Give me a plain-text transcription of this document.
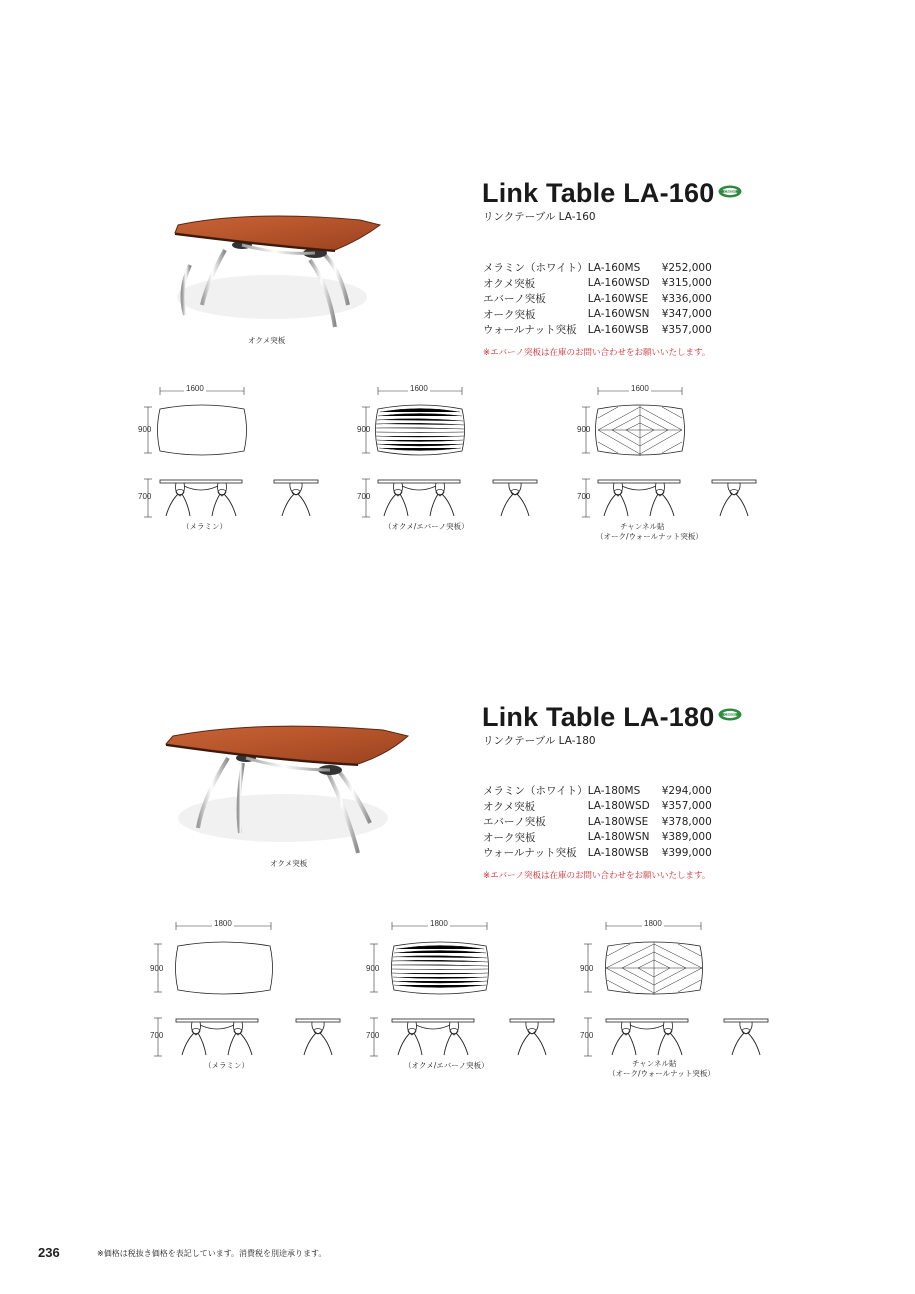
GREEN
オクメ突板
Link Table LA-160
リンクテーブル LA-160
メラミン（ホワイト）	LA-160MS	¥252,000
オクメ突板	LA-160WSD	¥315,000
エバーノ突板	LA-160WSE	¥336,000
オーク突板	LA-160WSN	¥347,000
ウォールナット突板	LA-160WSB	¥357,000
※エバーノ突板は在庫のお問い合わせをお願いいたします。
1600
900
700
（メラミン）
1600
900
700
（オクメ/エバーノ突板）
1600
900
700
チャンネル貼
（オーク/ウォールナット突板）
オクメ突板
Link Table LA-180
リンクテーブル LA-180
メラミン（ホワイト）	LA-180MS	¥294,000
オクメ突板	LA-180WSD	¥357,000
エバーノ突板	LA-180WSE	¥378,000
オーク突板	LA-180WSN	¥389,000
ウォールナット突板	LA-180WSB	¥399,000
※エバーノ突板は在庫のお問い合わせをお願いいたします。
1800
900
700
（メラミン）
1800
900
700
（オクメ/エバーノ突板）
1800
900
700
チャンネル貼
（オーク/ウォールナット突板）
236	※価格は税抜き価格を表記しています。消費税を別途承ります。
